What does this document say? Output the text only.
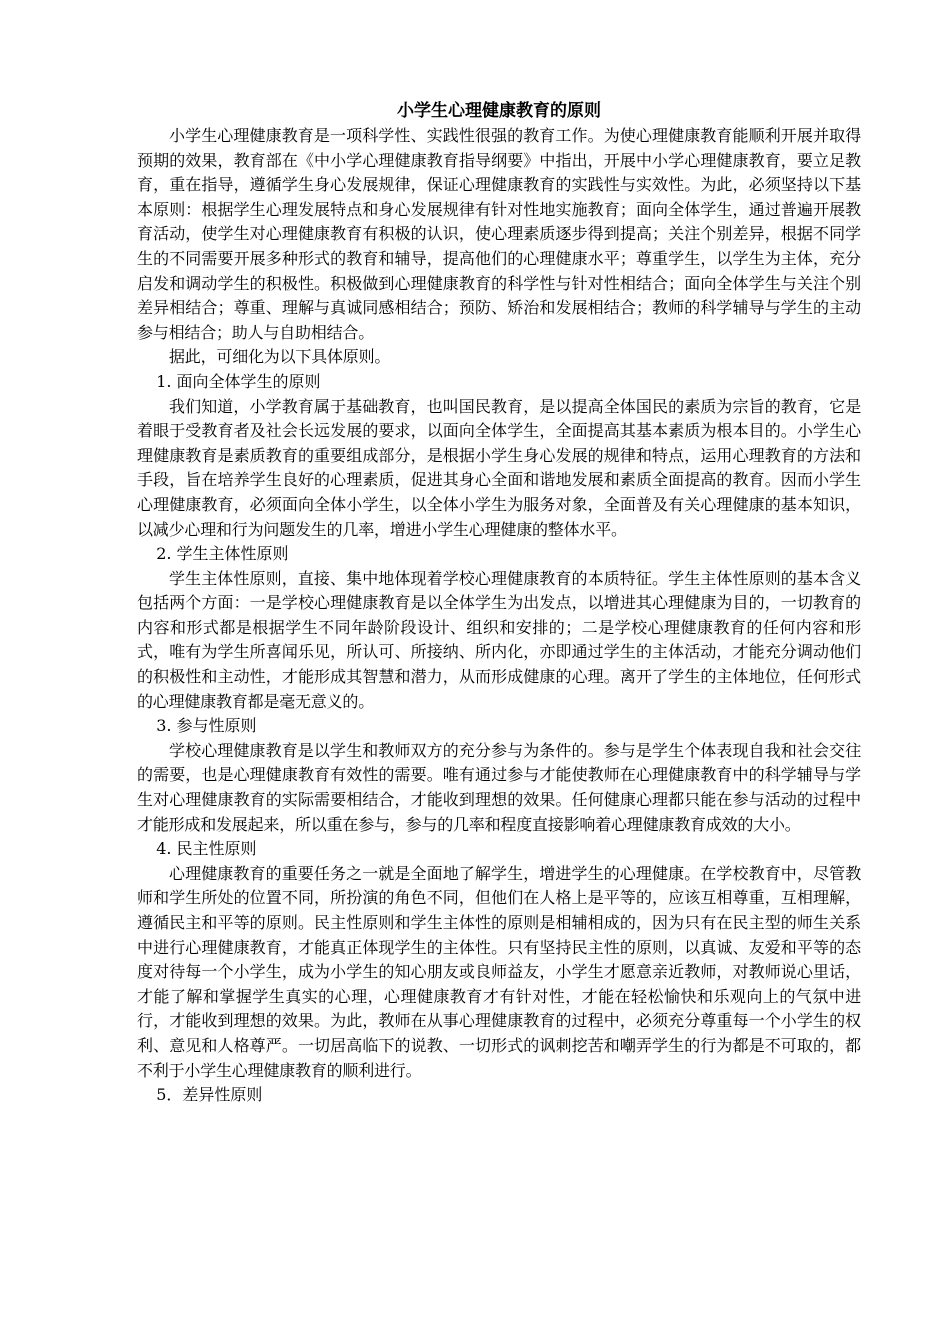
小学生心理健康教育的原则

小学生心理健康教育是一项科学性、实践性很强的教育工作。为使心理健康教育能顺利开展并取得预期的效果，教育部在《中小学心理健康教育指导纲要》中指出，开展中小学心理健康教育，要立足教育，重在指导，遵循学生身心发展规律，保证心理健康教育的实践性与实效性。为此，必须坚持以下基本原则：根据学生心理发展特点和身心发展规律有针对性地实施教育；面向全体学生，通过普遍开展教育活动，使学生对心理健康教育有积极的认识，使心理素质逐步得到提高；关注个别差异，根据不同学生的不同需要开展多种形式的教育和辅导，提高他们的心理健康水平；尊重学生，以学生为主体，充分启发和调动学生的积极性。积极做到心理健康教育的科学性与针对性相结合；面向全体学生与关注个别差异相结合；尊重、理解与真诚同感相结合；预防、矫治和发展相结合；教师的科学辅导与学生的主动参与相结合；助人与自助相结合。

据此，可细化为以下具体原则。

1. 面向全体学生的原则

我们知道，小学教育属于基础教育，也叫国民教育，是以提高全体国民的素质为宗旨的教育，它是着眼于受教育者及社会长远发展的要求，以面向全体学生，全面提高其基本素质为根本目的。小学生心理健康教育是素质教育的重要组成部分，是根据小学生身心发展的规律和特点，运用心理教育的方法和手段，旨在培养学生良好的心理素质，促进其身心全面和谐地发展和素质全面提高的教育。因而小学生心理健康教育，必须面向全体小学生，以全体小学生为服务对象，全面普及有关心理健康的基本知识，以减少心理和行为问题发生的几率，增进小学生心理健康的整体水平。

2. 学生主体性原则

学生主体性原则，直接、集中地体现着学校心理健康教育的本质特征。学生主体性原则的基本含义包括两个方面：一是学校心理健康教育是以全体学生为出发点，以增进其心理健康为目的，一切教育的内容和形式都是根据学生不同年龄阶段设计、组织和安排的；二是学校心理健康教育的任何内容和形式，唯有为学生所喜闻乐见，所认可、所接纳、所内化，亦即通过学生的主体活动，才能充分调动他们的积极性和主动性，才能形成其智慧和潜力，从而形成健康的心理。离开了学生的主体地位，任何形式的心理健康教育都是毫无意义的。

3. 参与性原则

学校心理健康教育是以学生和教师双方的充分参与为条件的。参与是学生个体表现自我和社会交往的需要，也是心理健康教育有效性的需要。唯有通过参与才能使教师在心理健康教育中的科学辅导与学生对心理健康教育的实际需要相结合，才能收到理想的效果。任何健康心理都只能在参与活动的过程中才能形成和发展起来，所以重在参与，参与的几率和程度直接影响着心理健康教育成效的大小。

4. 民主性原则

心理健康教育的重要任务之一就是全面地了解学生，增进学生的心理健康。在学校教育中，尽管教师和学生所处的位置不同，所扮演的角色不同，但他们在人格上是平等的，应该互相尊重，互相理解，遵循民主和平等的原则。民主性原则和学生主体性的原则是相辅相成的，因为只有在民主型的师生关系中进行心理健康教育，才能真正体现学生的主体性。只有坚持民主性的原则，以真诚、友爱和平等的态度对待每一个小学生，成为小学生的知心朋友或良师益友，小学生才愿意亲近教师，对教师说心里话，才能了解和掌握学生真实的心理，心理健康教育才有针对性，才能在轻松愉快和乐观向上的气氛中进行，才能收到理想的效果。为此，教师在从事心理健康教育的过程中，必须充分尊重每一个小学生的权利、意见和人格尊严。一切居高临下的说教、一切形式的讽刺挖苦和嘲弄学生的行为都是不可取的，都不利于小学生心理健康教育的顺利进行。

5．差异性原则
